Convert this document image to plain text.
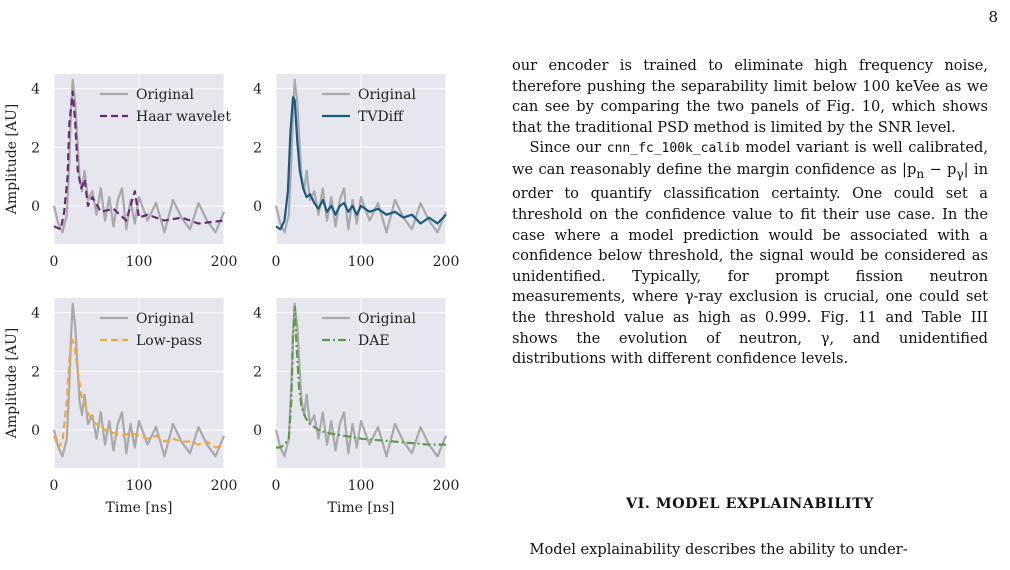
8
0	100	200
0
2
4	Original
Haar wavelet
0	100	200
0
2
4	Original
TVDiff
0	100	200
0
2
4	Original
Low-pass
0	100	200
0
2
4	Original
DAE
Amplitude [AU]
Amplitude [AU]
Time [ns]	Time [ns]

our encoder is trained to eliminate high frequency noise, therefore pushing the separability limit below 100 keVee as we can see by comparing the two panels of Fig. 10, which shows that the traditional PSD method is limited by the SNR level.

Since our cnn_fc_100k_calib model variant is well calibrated, we can reasonably define the margin confidence as $|p_n - p_\gamma|$ in order to quantify classification certainty. One could set a threshold on the confidence value to fit their use case. In the case where a model prediction would be associated with a confidence below threshold, the signal would be considered as unidentified. Typically, for prompt fission neutron measurements, where γ-ray exclusion is crucial, one could set the threshold value as high as 0.999. Fig. 11 and Table III shows the evolution of neutron, γ, and unidentified distributions with different confidence levels.

VI. MODEL EXPLAINABILITY
Model explainability describes the ability to under-
